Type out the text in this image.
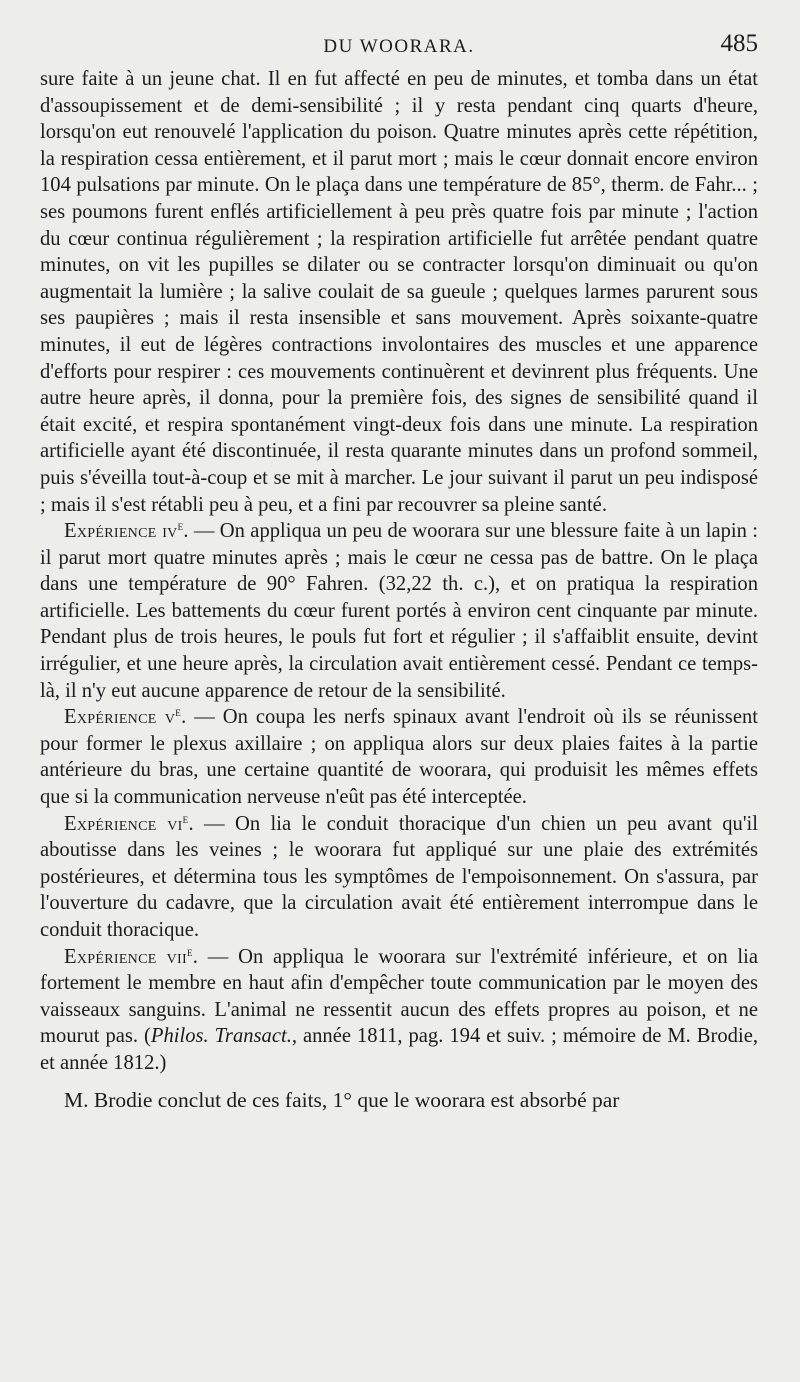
DU WOORARA.	485

sure faite à un jeune chat. Il en fut affecté en peu de minutes, et tomba dans un état d'assoupissement et de demi-sensibilité ; il y resta pendant cinq quarts d'heure, lorsqu'on eut renouvelé l'application du poison. Quatre minutes après cette répétition, la respiration cessa entièrement, et il parut mort ; mais le cœur donnait encore environ 104 pulsations par minute. On le plaça dans une température de 85°, therm. de Fahr... ; ses poumons furent enflés artificiellement à peu près quatre fois par minute ; l'action du cœur continua régulièrement ; la respiration artificielle fut arrêtée pendant quatre minutes, on vit les pupilles se dilater ou se contracter lorsqu'on diminuait ou qu'on augmentait la lumière ; la salive coulait de sa gueule ; quelques larmes parurent sous ses paupières ; mais il resta insensible et sans mouvement. Après soixante-quatre minutes, il eut de légères contractions involontaires des muscles et une apparence d'efforts pour respirer : ces mouvements continuèrent et devinrent plus fréquents. Une autre heure après, il donna, pour la première fois, des signes de sensibilité quand il était excité, et respira spontanément vingt-deux fois dans une minute. La respiration artificielle ayant été discontinuée, il resta quarante minutes dans un profond sommeil, puis s'éveilla tout-à-coup et se mit à marcher. Le jour suivant il parut un peu indisposé ; mais il s'est rétabli peu à peu, et a fini par recouvrer sa pleine santé.

Expérience $iv^e$. — On appliqua un peu de woorara sur une blessure faite à un lapin : il parut mort quatre minutes après ; mais le cœur ne cessa pas de battre. On le plaça dans une température de 90° Fahren. (32,22 th. c.), et on pratiqua la respiration artificielle. Les battements du cœur furent portés à environ cent cinquante par minute. Pendant plus de trois heures, le pouls fut fort et régulier ; il s'affaiblit ensuite, devint irrégulier, et une heure après, la circulation avait entièrement cessé. Pendant ce temps-là, il n'y eut aucune apparence de retour de la sensibilité.

Expérience $v^e$. — On coupa les nerfs spinaux avant l'endroit où ils se réunissent pour former le plexus axillaire ; on appliqua alors sur deux plaies faites à la partie antérieure du bras, une certaine quantité de woorara, qui produisit les mêmes effets que si la communication nerveuse n'eût pas été interceptée.

Expérience $vi^e$. — On lia le conduit thoracique d'un chien un peu avant qu'il aboutisse dans les veines ; le woorara fut appliqué sur une plaie des extrémités postérieures, et détermina tous les symptômes de l'empoisonnement. On s'assura, par l'ouverture du cadavre, que la circulation avait été entièrement interrompue dans le conduit thoracique.

Expérience vii$^e$. — On appliqua le woorara sur l'extrémité inférieure, et on lia fortement le membre en haut afin d'empêcher toute communication par le moyen des vaisseaux sanguins. L'animal ne ressentit aucun des effets propres au poison, et ne mourut pas. (Philos. Transact., année 1811, pag. 194 et suiv. ; mémoire de M. Brodie, et année 1812.)

M. Brodie conclut de ces faits, 1° que le woorara est absorbé par
